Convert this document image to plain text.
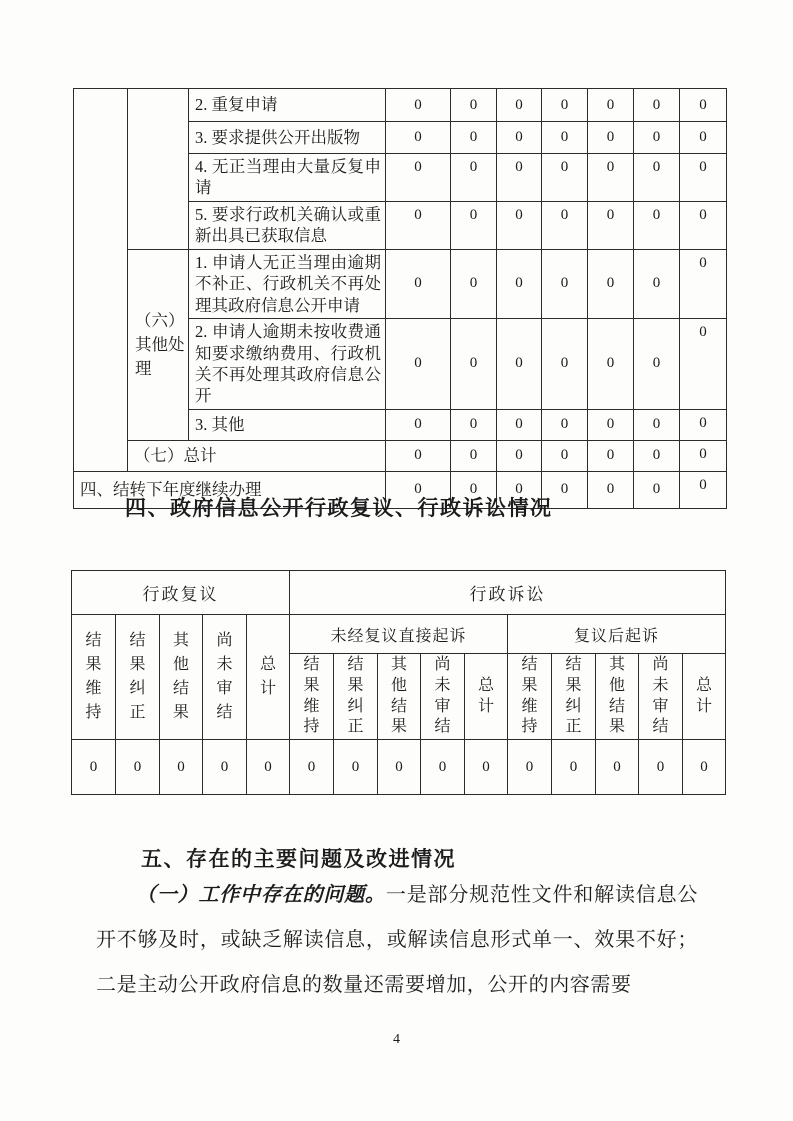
		2. 重复申请	0	0	0	0	0	0	0
		3. 要求提供公开出版物	0	0	0	0	0	0	0
		4. 无正当理由大量反复申请	0	0	0	0	0	0	0
		5. 要求行政机关确认或重新出具已获取信息	0	0	0	0	0	0	0
	（六）其他处理	1. 申请人无正当理由逾期不补正、行政机关不再处理其政府信息公开申请	0	0	0	0	0	0	0
		2. 申请人逾期未按收费通知要求缴纳费用、行政机关不再处理其政府信息公开	0	0	0	0	0	0	0
		3. 其他	0	0	0	0	0	0	0
	（七）总计		0	0	0	0	0	0	0
四、结转下年度继续办理			0	0	0	0	0	0	0
四、政府信息公开行政复议、行政诉讼情况
行政复议					行政诉讼									
结果维持	结果纠正	其他结果	尚未审结	总计	未经复议直接起诉					复议后起诉				
					结果维持	结果纠正	其他结果	尚未审结	总计	结果维持	结果纠正	其他结果	尚未审结	总计
0	0	0	0	0	0	0	0	0	0	0	0	0	0	0
五、存在的主要问题及改进情况
（一）工作中存在的问题。一是部分规范性文件和解读信息公开不够及时，或缺乏解读信息，或解读信息形式单一、效果不好；二是主动公开政府信息的数量还需要增加，公开的内容需要
4
